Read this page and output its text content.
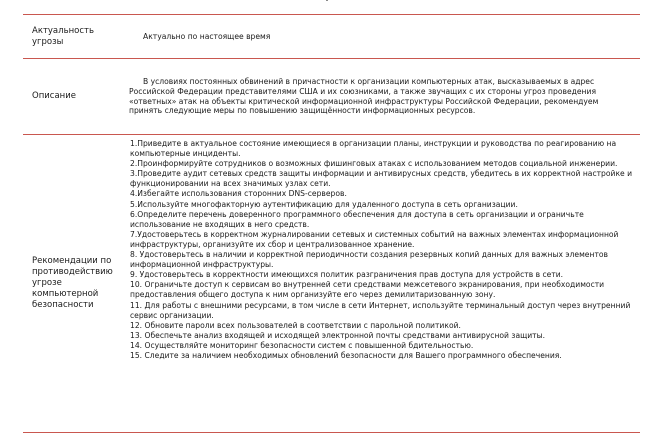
Актуальность угрозы
Актуально по настоящее время
Описание

В условиях постоянных обвинений в причастности к организации компьютерных атак, высказываемых в адрес Российской Федерации представителями США и их союзниками, а также звучащих с их стороны угроз проведения «ответных» атак на объекты критической информационной инфраструктуры Российской Федерации, рекомендуем принять следующие меры по повышению защищённости информационных ресурсов.

Рекомендации по противодействию угрозе компьютерной безопасности

1.Приведите в актуальное состояние имеющиеся в организации планы, инструкции и руководства по реагированию на компьютерные инциденты.

2.Проинформируйте сотрудников о возможных фишинговых атаках с использованием методов социальной инженерии.

3.Проведите аудит сетевых средств защиты информации и антивирусных средств, убедитесь в их корректной настройке и функционировании на всех значимых узлах сети.

4.Избегайте использования сторонних DNS-серверов.

5.Используйте многофакторную аутентификацию для удаленного доступа в сеть организации.

6.Определите перечень доверенного программного обеспечения для доступа в сеть организации и ограничьте использование не входящих в него средств.

7.Удостоверьтесь в корректном журналировании сетевых и системных событий на важных элементах информационной инфраструктуры, организуйте их сбор и централизованное хранение.

8. Удостоверьтесь в наличии и корректной периодичности создания резервных копий данных для важных элементов информационной инфраструктуры.

9. Удостоверьтесь в корректности имеющихся политик разграничения прав доступа для устройств в сети.

10. Ограничьте доступ к сервисам во внутренней сети средствами межсетевого экранирования, при необходимости предоставления общего доступа к ним организуйте его через демилитаризованную зону.

11. Для работы с внешними ресурсами, в том числе в сети Интернет, используйте терминальный доступ через внутренний сервис организации.

12. Обновите пароли всех пользователей в соответствии с парольной политикой.

13. Обеспечьте анализ входящей и исходящей электронной почты средствами антивирусной защиты.

14. Осуществляйте мониторинг безопасности систем с повышенной бдительностью.

15. Следите за наличием необходимых обновлений безопасности для Вашего программного обеспечения.
